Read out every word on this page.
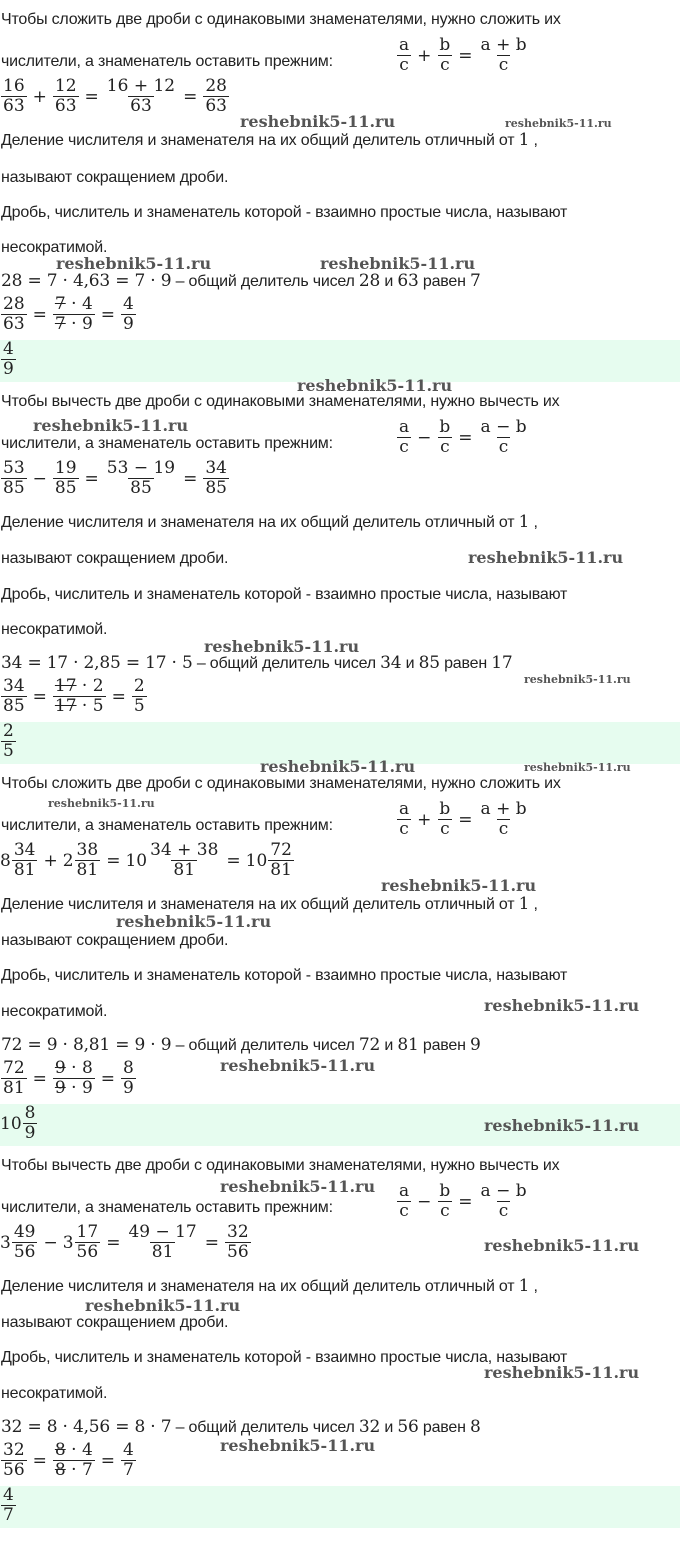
Чтобы сложить две дроби с одинаковыми знаменателями, нужно сложить их
числители, а знаменатель оставить прежним:	$\frac{a}{c} + \frac{b}{c} = \frac{a + b}{c}$
$\frac{16}{63} + \frac{12}{63} = \frac{16 + 12}{63} = \frac{28}{63}$
Деление числителя и знаменателя на их общий делитель отличный от 1 ,
называют сокращением дроби.
Дробь, числитель и знаменатель которой - взаимно простые числа, называют
несократимой.
28 = 7 · 4,63 = 7 · 9 – общий делитель чисел 28 и 63 равен 7
$\frac{28}{63} = \frac{7 \cdot 4}{7 \cdot 9} = \frac{4}{9}$
$\frac{4}{9}$
Чтобы вычесть две дроби с одинаковыми знаменателями, нужно вычесть их
числители, а знаменатель оставить прежним:	$\frac{a}{c} - \frac{b}{c} = \frac{a - b}{c}$
$\frac{53}{85} - \frac{19}{85} = \frac{53 - 19}{85} = \frac{34}{85}$
Деление числителя и знаменателя на их общий делитель отличный от 1 ,
называют сокращением дроби.
Дробь, числитель и знаменатель которой - взаимно простые числа, называют
несократимой.
34 = 17 · 2,85 = 17 · 5 – общий делитель чисел 34 и 85 равен 17
$\frac{34}{85} = \frac{17 \cdot 2}{17 \cdot 5} = \frac{2}{5}$
$\frac{2}{5}$
Чтобы сложить две дроби с одинаковыми знаменателями, нужно сложить их
числители, а знаменатель оставить прежним:	$\frac{a}{c} + \frac{b}{c} = \frac{a + b}{c}$
$8 \frac{34}{81} + 2 \frac{38}{81} = 10 \frac{34 + 38}{81} = 10 \frac{72}{81}$
Деление числителя и знаменателя на их общий делитель отличный от 1 ,
называют сокращением дроби.
Дробь, числитель и знаменатель которой - взаимно простые числа, называют
несократимой.
72 = 9 · 8,81 = 9 · 9 – общий делитель чисел 72 и 81 равен 9
$\frac{72}{81} = \frac{9 \cdot 8}{9 \cdot 9} = \frac{8}{9}$
$10 \frac{8}{9}$
Чтобы вычесть две дроби с одинаковыми знаменателями, нужно вычесть их
числители, а знаменатель оставить прежним:	$\frac{a}{c} - \frac{b}{c} = \frac{a - b}{c}$
$3 \frac{49}{56} - 3 \frac{17}{56} = \frac{49 - 17}{81} = \frac{32}{56}$
Деление числителя и знаменателя на их общий делитель отличный от 1 ,
называют сокращением дроби.
Дробь, числитель и знаменатель которой - взаимно простые числа, называют
несократимой.
32 = 8 · 4,56 = 8 · 7 – общий делитель чисел 32 и 56 равен 8
$\frac{32}{56} = \frac{8 \cdot 4}{8 \cdot 7} = \frac{4}{7}$
$\frac{4}{7}$
reshebnik5-11.ru	reshebnik5-11.ru
reshebnik5-11.ru	reshebnik5-11.ru
reshebnik5-11.ru
reshebnik5-11.ru
reshebnik5-11.ru
reshebnik5-11.ru
reshebnik5-11.ru
reshebnik5-11.ru	reshebnik5-11.ru
reshebnik5-11.ru
reshebnik5-11.ru
reshebnik5-11.ru
reshebnik5-11.ru
reshebnik5-11.ru
reshebnik5-11.ru
reshebnik5-11.ru
reshebnik5-11.ru
reshebnik5-11.ru
reshebnik5-11.ru
reshebnik5-11.ru
